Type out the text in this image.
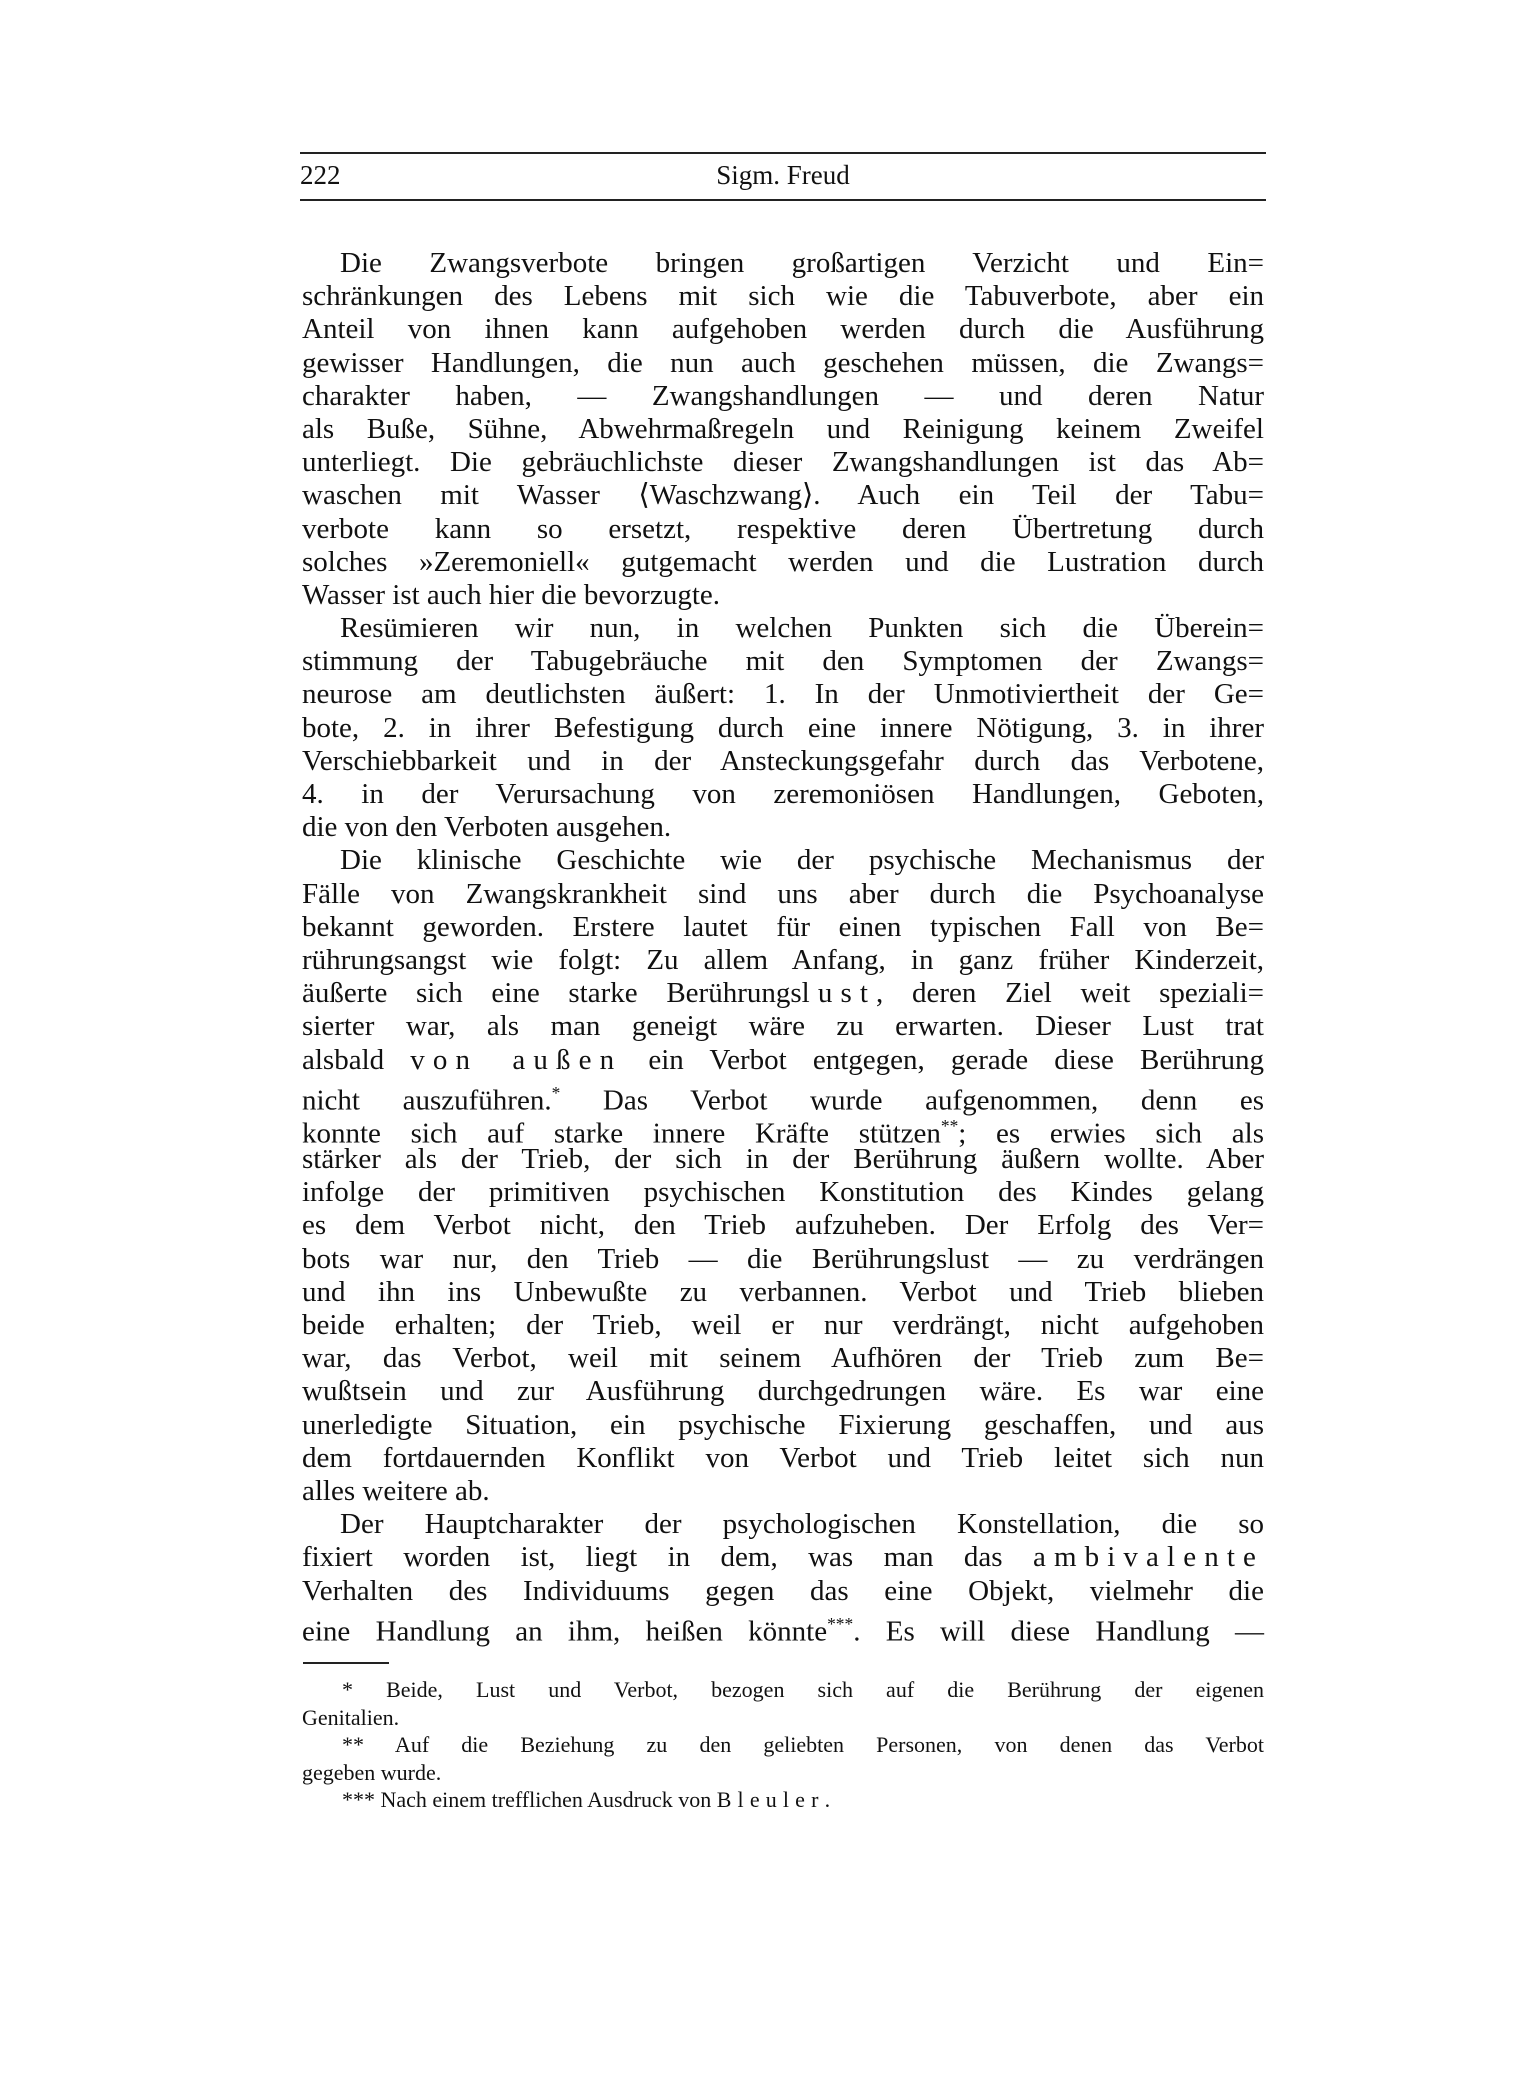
222	Sigm. Freud
Die Zwangsverbote bringen großartigen Verzicht und Ein=
schränkungen des Lebens mit sich wie die Tabuverbote, aber ein
Anteil von ihnen kann aufgehoben werden durch die Ausführung
gewisser Handlungen, die nun auch geschehen müssen, die Zwangs=
charakter haben, — Zwangshandlungen — und deren Natur
als Buße, Sühne, Abwehrmaßregeln und Reinigung keinem Zweifel
unterliegt. Die gebräuchlichste dieser Zwangshandlungen ist das Ab=
waschen mit Wasser ⟨Waschzwang⟩. Auch ein Teil der Tabu=
verbote kann so ersetzt, respektive deren Übertretung durch
solches »Zeremoniell« gutgemacht werden und die Lustration durch
Wasser ist auch hier die bevorzugte.
Resümieren wir nun, in welchen Punkten sich die Überein=
stimmung der Tabugebräuche mit den Symptomen der Zwangs=
neurose am deutlichsten äußert: 1. In der Unmotiviertheit der Ge=
bote, 2. in ihrer Befestigung durch eine innere Nötigung, 3. in ihrer
Verschiebbarkeit und in der Ansteckungsgefahr durch das Verbotene,
4. in der Verursachung von zeremoniösen Handlungen, Geboten,
die von den Verboten ausgehen.
Die klinische Geschichte wie der psychische Mechanismus der
Fälle von Zwangskrankheit sind uns aber durch die Psychoanalyse
bekannt geworden. Erstere lautet für einen typischen Fall von Be=
rührungsangst wie folgt: Zu allem Anfang, in ganz früher Kinderzeit,
äußerte sich eine starke Berührungslust, deren Ziel weit speziali=
sierter war, als man geneigt wäre zu erwarten. Dieser Lust trat
alsbald von außen ein Verbot entgegen, gerade diese Berührung
nicht auszuführen.* Das Verbot wurde aufgenommen, denn es
konnte sich auf starke innere Kräfte stützen**; es erwies sich als
stärker als der Trieb, der sich in der Berührung äußern wollte. Aber
infolge der primitiven psychischen Konstitution des Kindes gelang
es dem Verbot nicht, den Trieb aufzuheben. Der Erfolg des Ver=
bots war nur, den Trieb — die Berührungslust — zu verdrängen
und ihn ins Unbewußte zu verbannen. Verbot und Trieb blieben
beide erhalten; der Trieb, weil er nur verdrängt, nicht aufgehoben
war, das Verbot, weil mit seinem Aufhören der Trieb zum Be=
wußtsein und zur Ausführung durchgedrungen wäre. Es war eine
unerledigte Situation, ein psychische Fixierung geschaffen, und aus
dem fortdauernden Konflikt von Verbot und Trieb leitet sich nun
alles weitere ab.
Der Hauptcharakter der psychologischen Konstellation, die so
fixiert worden ist, liegt in dem, was man das ambivalente
Verhalten des Individuums gegen das eine Objekt, vielmehr die
eine Handlung an ihm, heißen könnte***. Es will diese Handlung —
* Beide, Lust und Verbot, bezogen sich auf die Berührung der eigenen
Genitalien.
** Auf die Beziehung zu den geliebten Personen, von denen das Verbot
gegeben wurde.
*** Nach einem trefflichen Ausdruck von Bleuler.
